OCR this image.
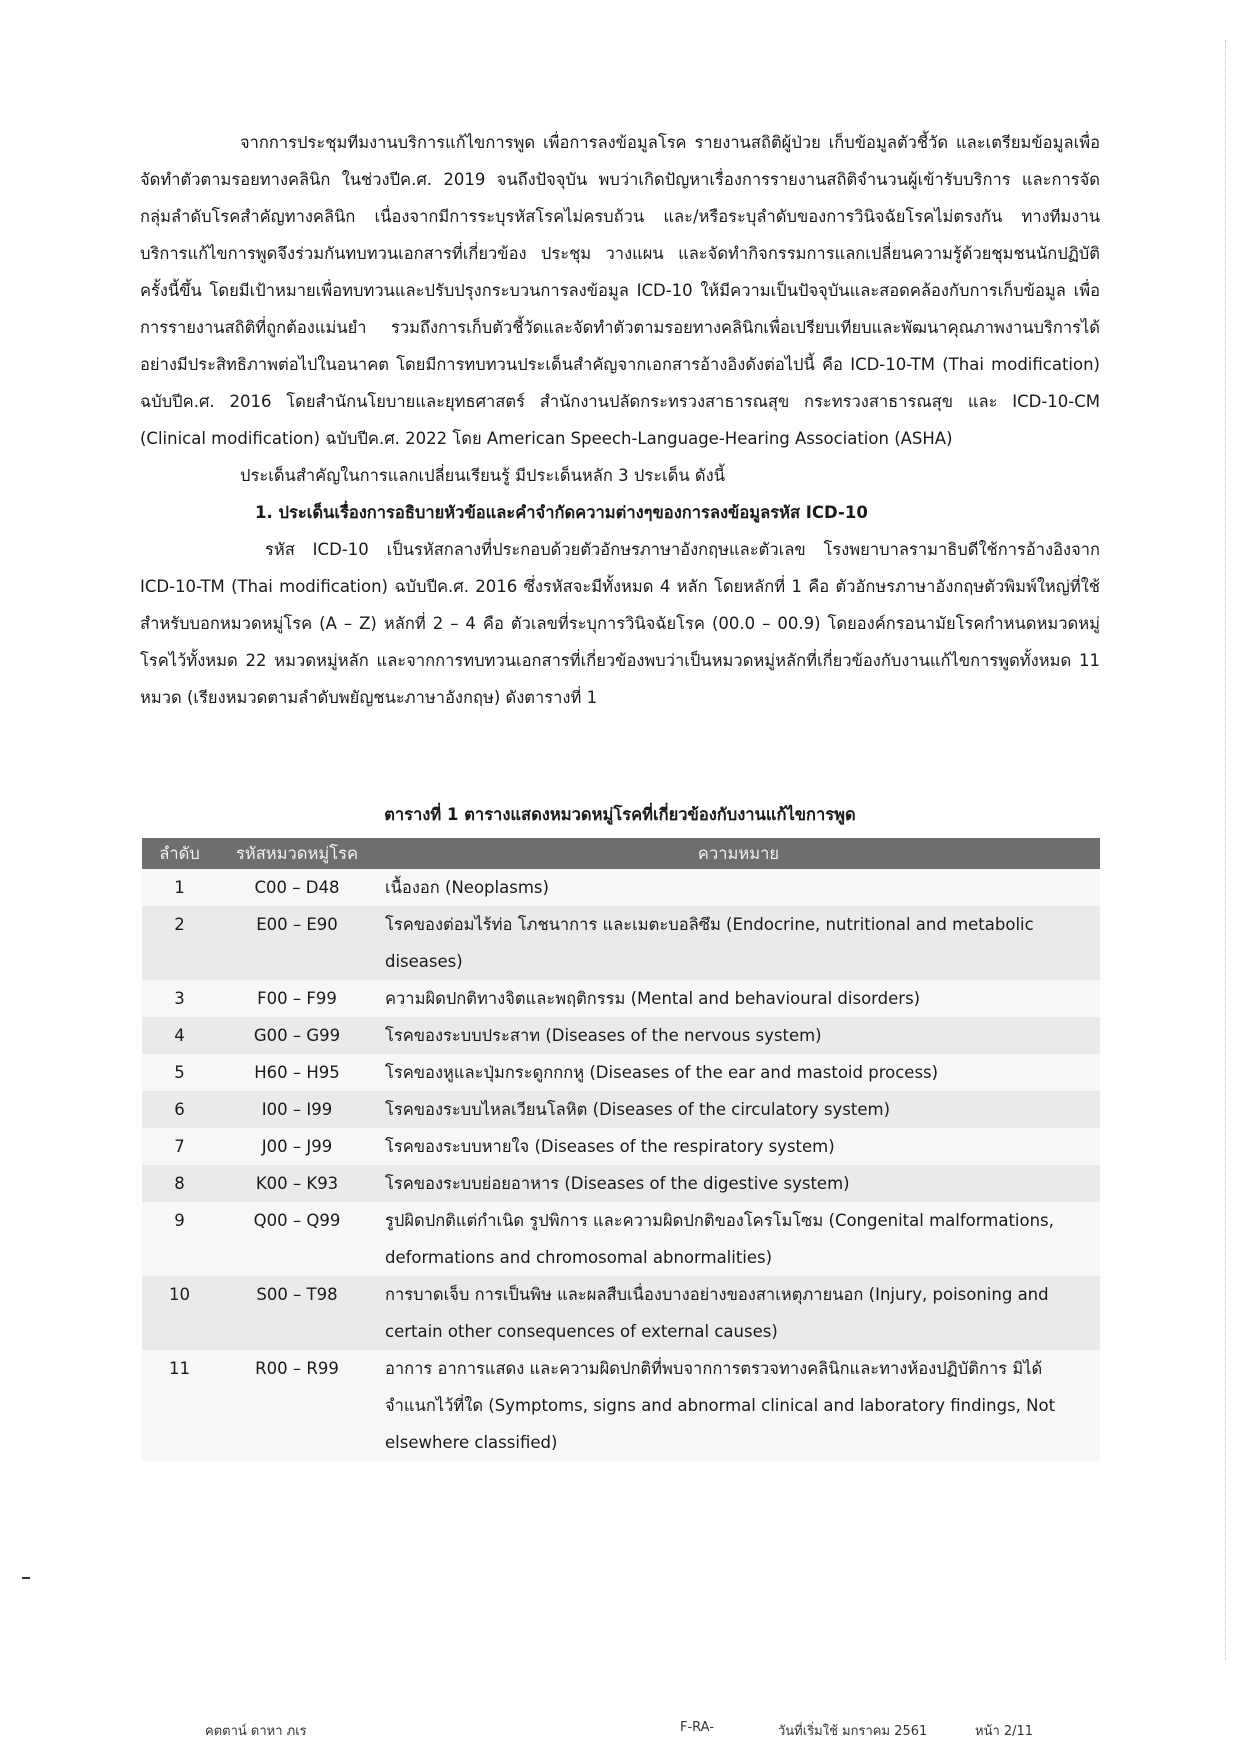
จากการประชุมทีมงานบริการแก้ไขการพูด เพื่อการลงข้อมูลโรค รายงานสถิติผู้ป่วย เก็บข้อมูลตัวชี้วัด และเตรียมข้อมูลเพื่อจัดทำตัวตามรอยทางคลินิก ในช่วงปีค.ศ. 2019 จนถึงปัจจุบัน พบว่าเกิดปัญหาเรื่องการรายงานสถิติจำนวนผู้เข้ารับบริการ และการจัดกลุ่มลำดับโรคสำคัญทางคลินิก เนื่องจากมีการระบุรหัสโรคไม่ครบถ้วน และ/หรือระบุลำดับของการวินิจฉัยโรคไม่ตรงกัน ทางทีมงานบริการแก้ไขการพูดจึงร่วมกันทบทวนเอกสารที่เกี่ยวข้อง ประชุม วางแผน และจัดทำกิจกรรมการแลกเปลี่ยนความรู้ด้วยชุมชนนักปฏิบัติครั้งนี้ขึ้น โดยมีเป้าหมายเพื่อทบทวนและปรับปรุงกระบวนการลงข้อมูล ICD-10 ให้มีความเป็นปัจจุบันและสอดคล้องกับการเก็บข้อมูล เพื่อการรายงานสถิติที่ถูกต้องแม่นยำ รวมถึงการเก็บตัวชี้วัดและจัดทำตัวตามรอยทางคลินิกเพื่อเปรียบเทียบและพัฒนาคุณภาพงานบริการได้อย่างมีประสิทธิภาพต่อไปในอนาคต โดยมีการทบทวนประเด็นสำคัญจากเอกสารอ้างอิงดังต่อไปนี้ คือ ICD-10-TM (Thai modification) ฉบับปีค.ศ. 2016 โดยสำนักนโยบายและยุทธศาสตร์ สำนักงานปลัดกระทรวงสาธารณสุข กระทรวงสาธารณสุข และ ICD-10-CM (Clinical modification) ฉบับปีค.ศ. 2022 โดย American Speech-Language-Hearing Association (ASHA)

ประเด็นสำคัญในการแลกเปลี่ยนเรียนรู้ มีประเด็นหลัก 3 ประเด็น ดังนี้

1. ประเด็นเรื่องการอธิบายหัวข้อและคำจำกัดความต่างๆของการลงข้อมูลรหัส ICD-10

รหัส ICD-10 เป็นรหัสกลางที่ประกอบด้วยตัวอักษรภาษาอังกฤษและตัวเลข โรงพยาบาลรามาธิบดีใช้การอ้างอิงจาก ICD-10-TM (Thai modification) ฉบับปีค.ศ. 2016 ซึ่งรหัสจะมีทั้งหมด 4 หลัก โดยหลักที่ 1 คือ ตัวอักษรภาษาอังกฤษตัวพิมพ์ใหญ่ที่ใช้สำหรับบอกหมวดหมู่โรค (A – Z) หลักที่ 2 – 4 คือ ตัวเลขที่ระบุการวินิจฉัยโรค (00.0 – 00.9) โดยองค์กรอนามัยโรคกำหนดหมวดหมู่โรคไว้ทั้งหมด 22 หมวดหมู่หลัก และจากการทบทวนเอกสารที่เกี่ยวข้องพบว่าเป็นหมวดหมู่หลักที่เกี่ยวข้องกับงานแก้ไขการพูดทั้งหมด 11 หมวด (เรียงหมวดตามลำดับพยัญชนะภาษาอังกฤษ) ดังตารางที่ 1

ตารางที่ 1 ตารางแสดงหมวดหมู่โรคที่เกี่ยวข้องกับงานแก้ไขการพูด
ลำดับ	รหัสหมวดหมู่โรค	ความหมาย
1	C00 – D48	เนื้องอก (Neoplasms)
2	E00 – E90	โรคของต่อมไร้ท่อ โภชนาการ และเมตะบอลิซึม (Endocrine, nutritional and metabolic diseases)
3	F00 – F99	ความผิดปกติทางจิตและพฤติกรรม (Mental and behavioural disorders)
4	G00 – G99	โรคของระบบประสาท (Diseases of the nervous system)
5	H60 – H95	โรคของหูและปุ่มกระดูกกกหู (Diseases of the ear and mastoid process)
6	I00 – I99	โรคของระบบไหลเวียนโลหิต (Diseases of the circulatory system)
7	J00 – J99	โรคของระบบหายใจ (Diseases of the respiratory system)
8	K00 – K93	โรคของระบบย่อยอาหาร (Diseases of the digestive system)
9	Q00 – Q99	รูปผิดปกติแต่กำเนิด รูปพิการ และความผิดปกติของโครโมโซม (Congenital malformations, deformations and chromosomal abnormalities)
10	S00 – T98	การบาดเจ็บ การเป็นพิษ และผลสืบเนื่องบางอย่างของสาเหตุภายนอก (Injury, poisoning and certain other consequences of external causes)
11	R00 – R99	อาการ อาการแสดง และความผิดปกติที่พบจากการตรวจทางคลินิกและทางห้องปฏิบัติการ มิได้จำแนกไว้ที่ใด (Symptoms, signs and abnormal clinical and laboratory findings, Not elsewhere classified)
คตตาน์ ดาหา ภเร	F-RA-	วันที่เริ่มใช้ มกราคม 2561	หน้า 2/11
